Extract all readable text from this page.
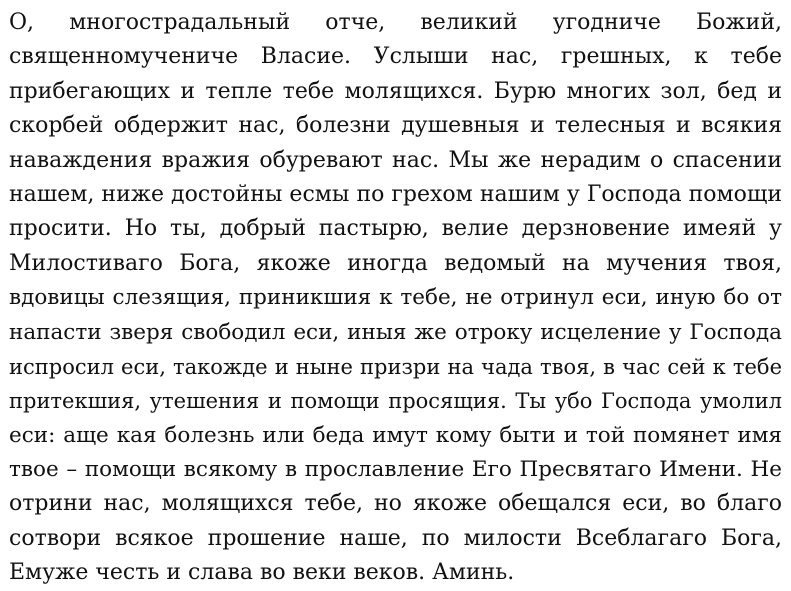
О, многострадальный отче, великий угодниче Божий,
священномучениче Власие. Услыши нас, грешных, к тебе
прибегающих и тепле тебе молящихся. Бурю многих зол, бед и
скорбей обдержит нас, болезни душевныя и телесныя и всякия
наваждения вражия обуревают нас. Мы же нерадим о спасении
нашем, ниже достойны есмы по грехом нашим у Господа помощи
просити. Но ты, добрый пастырю, велие дерзновение имеяй у
Милостиваго Бога, якоже иногда ведомый на мучения твоя,
вдовицы слезящия, приникшия к тебе, не отринул еси, иную бо от
напасти зверя свободил еси, иныя же отроку исцеление у Господа
испросил еси, такожде и ныне призри на чада твоя, в час сей к тебе
притекшия, утешения и помощи просящия. Ты убо Господа умолил
еси: аще кая болезнь или беда имут кому быти и той помянет имя
твое – помощи всякому в прославление Его Пресвятаго Имени. Не
отрини нас, молящихся тебе, но якоже обещался еси, во благо
сотвори всякое прошение наше, по милости Всеблагаго Бога,
Емуже честь и слава во веки веков. Аминь.
